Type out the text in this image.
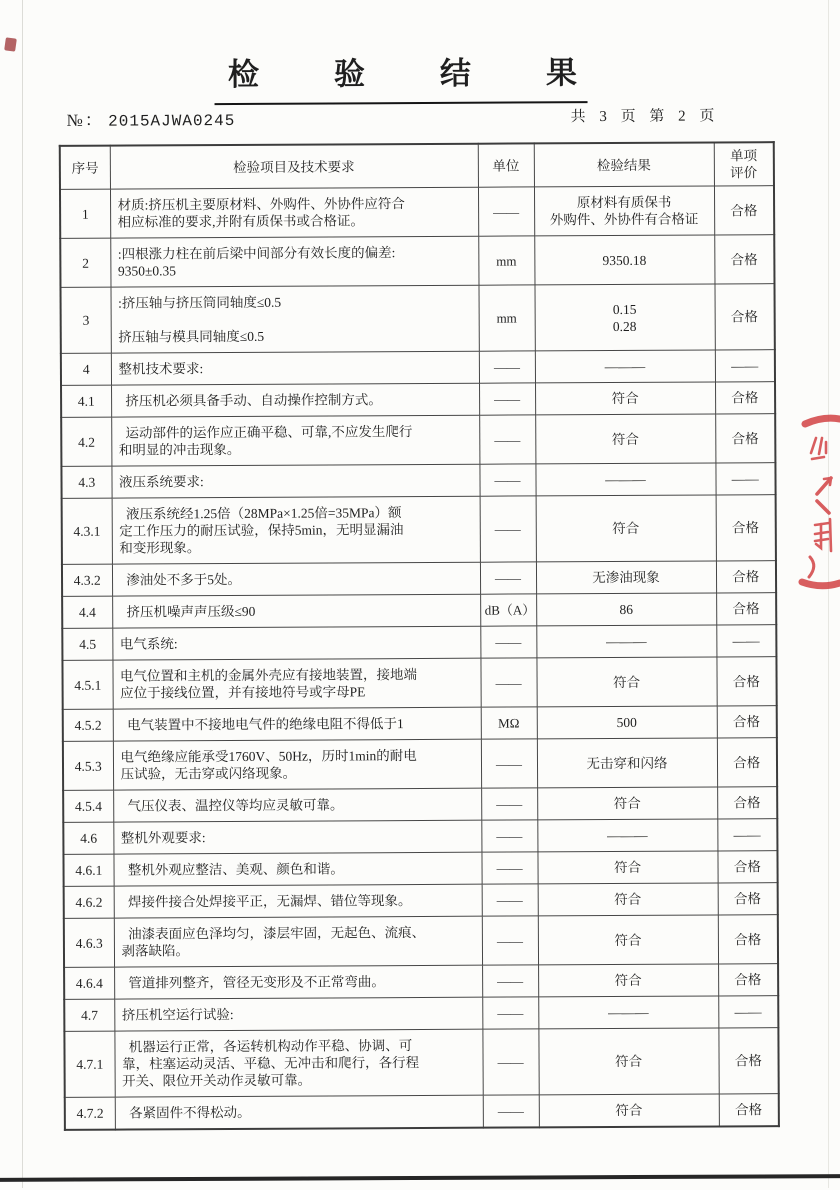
检验结果
№： 2015AJWA0245	共 3 页 第 2 页
序号	检验项目及技术要求	单位	检验结果	单项
评价
1	材质:挤压机主要原材料、外购件、外协件应符合
相应标准的要求,并附有质保书或合格证。	——	原材料有质保书
外购件、外协件有合格证	合格
2	:四根涨力柱在前后梁中间部分有效长度的偏差:
9350±0.35	mm	9350.18	合格
3	:挤压轴与挤压筒同轴度≤0.5

挤压轴与模具同轴度≤0.5	mm	0.15
0.28	合格
4	整机技术要求:	——	———	——
4.1	挤压机必须具备手动、自动操作控制方式。	——	符合	合格
4.2	运动部件的运作应正确平稳、可靠,不应发生爬行
和明显的冲击现象。	——	符合	合格
4.3	液压系统要求:	——	———	——
4.3.1	液压系统经1.25倍（28MPa×1.25倍=35MPa）额
定工作压力的耐压试验，保持5min，无明显漏油
和变形现象。	——	符合	合格
4.3.2	渗油处不多于5处。	——	无渗油现象	合格
4.4	挤压机噪声声压级≤90	dB（A）	86	合格
4.5	电气系统:	——	———	——
4.5.1	电气位置和主机的金属外壳应有接地装置，接地端
应位于接线位置，并有接地符号或字母PE	——	符合	合格
4.5.2	电气装置中不接地电气件的绝缘电阻不得低于1	MΩ	500	合格
4.5.3	电气绝缘应能承受1760V、50Hz，历时1min的耐电
压试验，无击穿或闪络现象。	——	无击穿和闪络	合格
4.5.4	气压仪表、温控仪等均应灵敏可靠。	——	符合	合格
4.6	整机外观要求:	——	———	——
4.6.1	整机外观应整洁、美观、颜色和谐。	——	符合	合格
4.6.2	焊接件接合处焊接平正，无漏焊、错位等现象。	——	符合	合格
4.6.3	油漆表面应色泽均匀，漆层牢固，无起色、流痕、
剥落缺陷。	——	符合	合格
4.6.4	管道排列整齐，管径无变形及不正常弯曲。	——	符合	合格
4.7	挤压机空运行试验:	——	———	——
4.7.1	机器运行正常，各运转机构动作平稳、协调、可
靠，柱塞运动灵活、平稳、无冲击和爬行，各行程
开关、限位开关动作灵敏可靠。	——	符合	合格
4.7.2	各紧固件不得松动。	——	符合	合格
